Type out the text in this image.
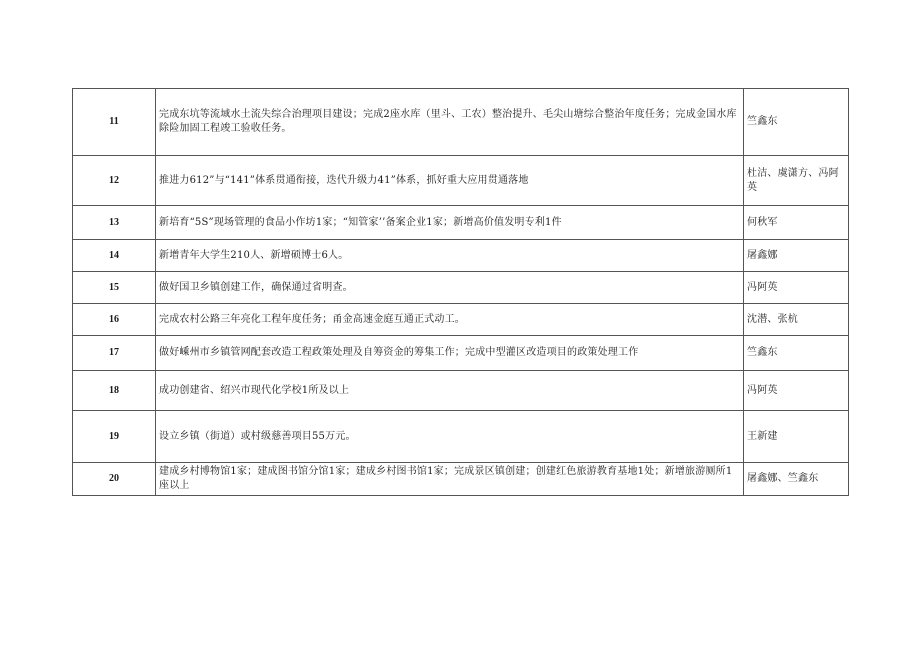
11	完成东坑等流域水土流失综合治理项目建设；完成2座水库（里斗、工农）整治提升、毛尖山塘综合整治年度任务；完成金国水库除险加固工程竣工验收任务。	竺鑫东
12	推进力612”与“141”体系贯通衔接，迭代升级力41”体系，抓好重大应用贯通落地	杜洁、虞潇方、冯阿英
13	新培育“5S”现场管理的食品小作坊1家；“知管家’’备案企业1家；新增高价值发明专利1件	何秋军
14	新增青年大学生210人、新增硕博士6人。	屠鑫娜
15	做好国卫乡镇创建工作，确保通过省明查。	冯阿英
16	完成农村公路三年亮化工程年度任务；甬金高速金庭互通正式动工。	沈潜、张杭
17	做好嵊州市乡镇管网配套改造工程政策处理及自筹资金的筹集工作；完成中型灌区改造项目的政策处理工作	竺鑫东
18	成功创建省、绍兴市现代化学校1所及以上	冯阿英
19	设立乡镇（街道）或村级慈善项目55万元。	王新建
20	建成乡村博物馆1家；建成图书馆分馆1家；建成乡村图书馆1家；完成景区镇创建；创建红色旅游教育基地1处；新增旅游厕所1座以上	屠鑫娜、竺鑫东
